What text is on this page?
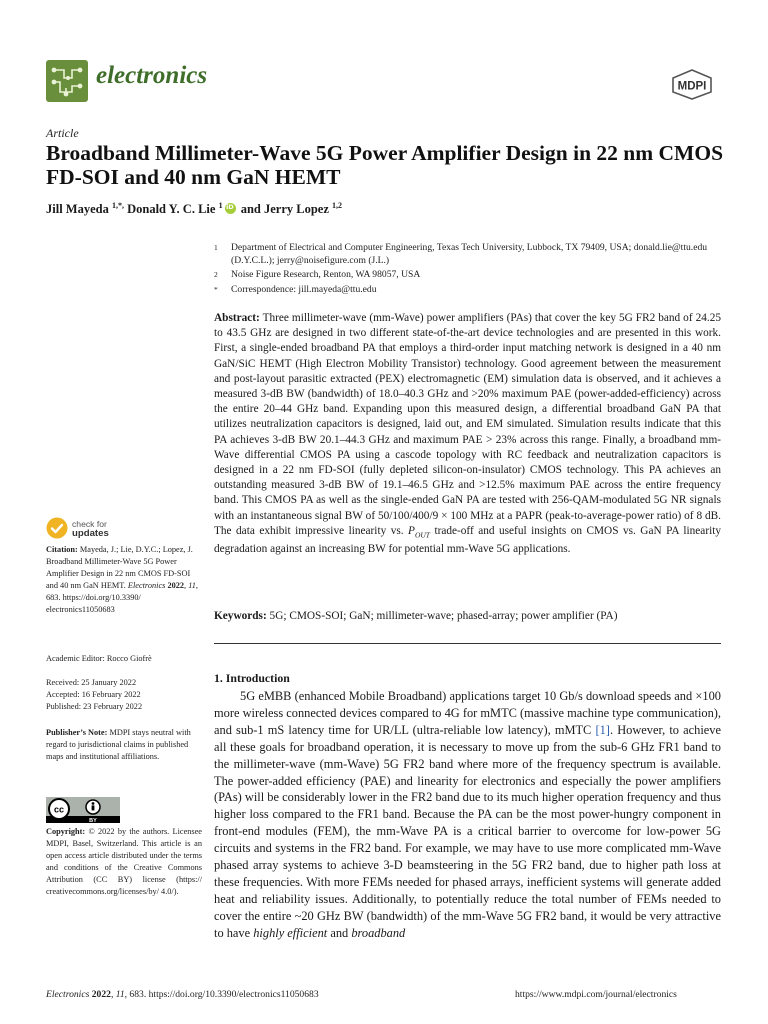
electronics	MDPI
Article
Broadband Millimeter-Wave 5G Power Amplifier Design in 22 nm CMOS FD-SOI and 40 nm GaN HEMT
Jill Mayeda $^{1,*,}$ Donald Y. C. Lie $^1$iD and Jerry Lopez $^{1,2}$
1	Department of Electrical and Computer Engineering, Texas Tech University, Lubbock, TX 79409, USA; donald.lie@ttu.edu (D.Y.C.L.); jerry@noisefigure.com (J.L.)
2	Noise Figure Research, Renton, WA 98057, USA
*	Correspondence: jill.mayeda@ttu.edu

Abstract: Three millimeter-wave (mm-Wave) power amplifiers (PAs) that cover the key 5G FR2 band of 24.25 to 43.5 GHz are designed in two different state-of-the-art device technologies and are presented in this work. First, a single-ended broadband PA that employs a third-order input matching network is designed in a 40 nm GaN/SiC HEMT (High Electron Mobility Transistor) technology. Good agreement between the measurement and post-layout parasitic extracted (PEX) electromagnetic (EM) simulation data is observed, and it achieves a measured 3-dB BW (bandwidth) of 18.0–40.3 GHz and >20% maximum PAE (power-added-efficiency) across the entire 20–44 GHz band. Expanding upon this measured design, a differential broadband GaN PA that utilizes neutralization capacitors is designed, laid out, and EM simulated. Simulation results indicate that this PA achieves 3-dB BW 20.1–44.3 GHz and maximum PAE > 23% across this range. Finally, a broadband mm-Wave differential CMOS PA using a cascode topology with RC feedback and neutralization capacitors is designed in a 22 nm FD-SOI (fully depleted silicon-on-insulator) CMOS technology. This PA achieves an outstanding measured 3-dB BW of 19.1–46.5 GHz and >12.5% maximum PAE across the entire frequency band. This CMOS PA as well as the single-ended GaN PA are tested with 256-QAM-modulated 5G NR signals with an instantaneous signal BW of 50/100/400/9 × 100 MHz at a PAPR (peak-to-average-power ratio) of 8 dB. The data exhibit impressive linearity vs. $P_{OUT}$ trade-off and useful insights on CMOS vs. GaN PA linearity degradation against an increasing BW for potential mm-Wave 5G applications.

Keywords: 5G; CMOS-SOI; GaN; millimeter-wave; phased-array; power amplifier (PA)

1. Introduction

5G eMBB (enhanced Mobile Broadband) applications target 10 Gb/s download speeds and ×100 more wireless connected devices compared to 4G for mMTC (massive machine type communication), and sub-1 mS latency time for UR/LL (ultra-reliable low latency), mMTC [1]. However, to achieve all these goals for broadband operation, it is necessary to move up from the sub-6 GHz FR1 band to the millimeter-wave (mm-Wave) 5G FR2 band where more of the frequency spectrum is available. The power-added efficiency (PAE) and linearity for electronics and especially the power amplifiers (PAs) will be considerably lower in the FR2 band due to its much higher operation frequency and thus higher loss compared to the FR1 band. Because the PA can be the most power-hungry component in front-end modules (FEM), the mm-Wave PA is a critical barrier to overcome for low-power 5G circuits and systems in the FR2 band. For example, we may have to use more complicated mm-Wave phased array systems to achieve 3-D beamsteering in the 5G FR2 band, due to higher path loss at these frequencies. With more FEMs needed for phased arrays, inefficient systems will generate added heat and reliability issues. Additionally, to potentially reduce the total number of FEMs needed to cover the entire ~20 GHz BW (bandwidth) of the mm-Wave 5G FR2 band, it would be very attractive to have highly efficient and broadband

check for
updates

Citation: Mayeda, J.; Lie, D.Y.C.; Lopez, J. Broadband Millimeter-Wave 5G Power Amplifier Design in 22 nm CMOS FD-SOI and 40 nm GaN HEMT. Electronics 2022, 11, 683. https://doi.org/10.3390/ electronics11050683

Academic Editor: Rocco Giofrè

Received: 25 January 2022
Accepted: 16 February 2022
Published: 23 February 2022

Publisher’s Note: MDPI stays neutral with regard to jurisdictional claims in published maps and institutional affiliations.

cc
BY

Copyright: © 2022 by the authors. Licensee MDPI, Basel, Switzerland. This article is an open access article distributed under the terms and conditions of the Creative Commons Attribution (CC BY) license (https:// creativecommons.org/licenses/by/ 4.0/).

Electronics 2022, 11, 683. https://doi.org/10.3390/electronics11050683	https://www.mdpi.com/journal/electronics
